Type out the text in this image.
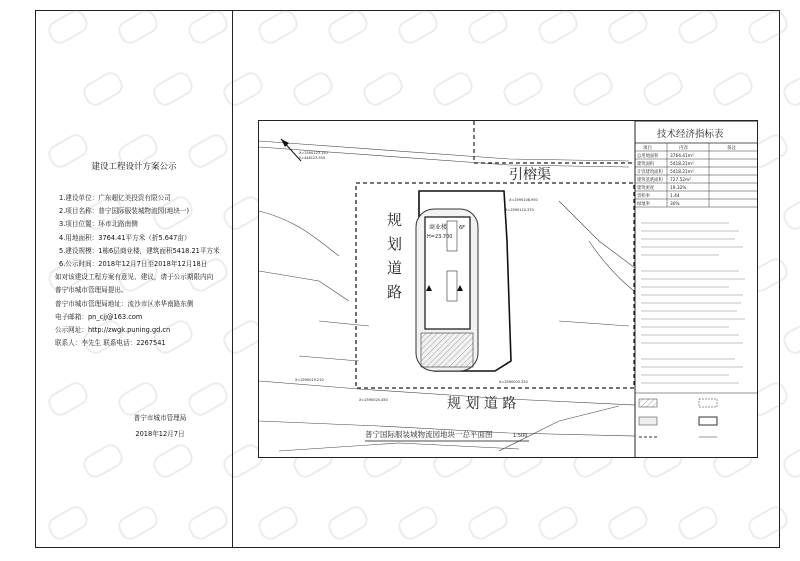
建设工程设计方案公示
1.建设单位：广东超亿美投资有限公司
2.项目名称：普宁国际服装城物流园(地块一)
3.项目位置：环市北路南侧
4.用地面积：3764.41平方米（折5.647亩）
5.建设规模：1栋6层商业楼，建筑面积5418.21平方米
6.公示时间：2018年12月7日至2018年12月18日
如对该建设工程方案有意见、建议，请于公示期限内向
普宁市城市管理局提出。
普宁市城市管理局地址：流沙市区赤华南路东侧
电子邮箱：pn_cjj@163.com
公示网址：http://zwgk.puning.gd.cn
联系人：李先生 联系电话：2267541
普宁市城市管理局
2018年12月7日
商业楼 6F
H=23.700
X=2590123.150
Y=448123.550
X=2590110.370
X=2590015.210	X=2590005.330
X=2590020.450
X=2590108.950
引榕渠
规
划
道
路
规 划 道 路
普宁国际服装城物流园地块一总平面图	1:500
技术经济指标表
项目	内容	备注
总用地面积	3764.41m²
建筑面积	5418.21m²
计容建筑面积 5418.21m²
建筑基底面积 727.52m²
建筑密度	19.32%
容积率	1.44
绿地率	30%
